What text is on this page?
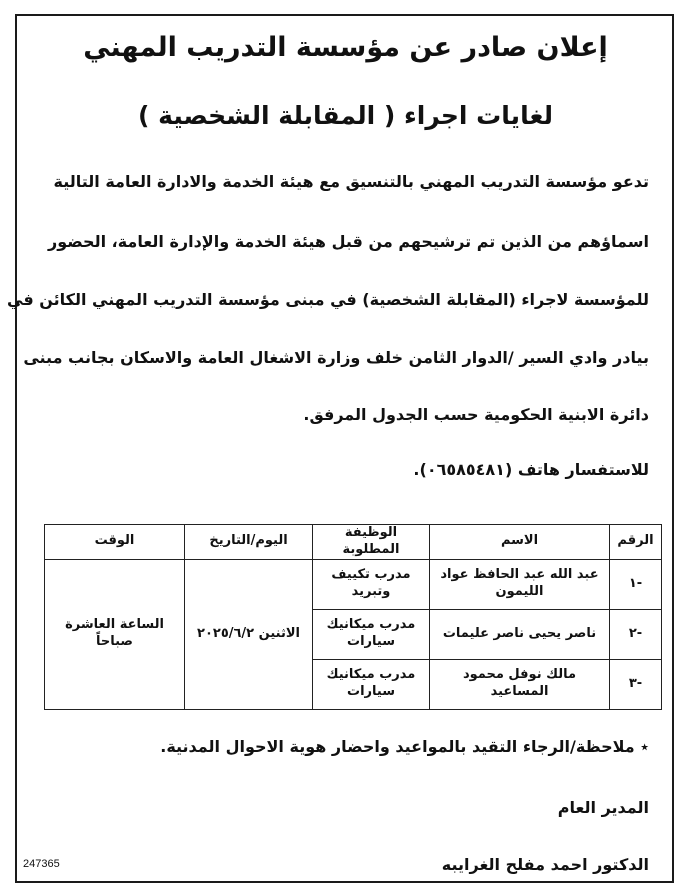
إعلان صادر عن مؤسسة التدريب المهني
لغايات اجراء ( المقابلة الشخصية )
تدعو مؤسسة التدريب المهني بالتنسيق مع هيئة الخدمة والادارة العامة التالية
اسماؤهم من الذين تم ترشيحهم من قبل هيئة الخدمة والإدارة العامة، الحضور
للمؤسسة لاجراء (المقابلة الشخصية) في مبنى مؤسسة التدريب المهني الكائن في
بيادر وادي السير /الدوار الثامن خلف وزارة الاشغال العامة والاسكان بجانب مبنى
دائرة الابنية الحكومية حسب الجدول المرفق.
للاستفسار هاتف (٠٦٥٨٥٤٨١).
الرقم	الاسم	الوظيفة المطلوبة	اليوم/التاريخ	الوقت
-١	عبد الله عبد الحافظ عواد الليمون	مدرب تكييف وتبريد	الاثنين ٢٠٢٥/٦/٢	الساعة العاشرة صباحاً
-٢	ناصر يحيى ناصر عليمات	مدرب ميكانيك سيارات		
-٣	مالك نوفل محمود المساعيد	مدرب ميكانيك سيارات		
٭ ملاحظة/الرجاء التقيد بالمواعيد واحضار هوية الاحوال المدنية.
المدير العام
الدكتور احمد مفلح الغرايبه
247365
